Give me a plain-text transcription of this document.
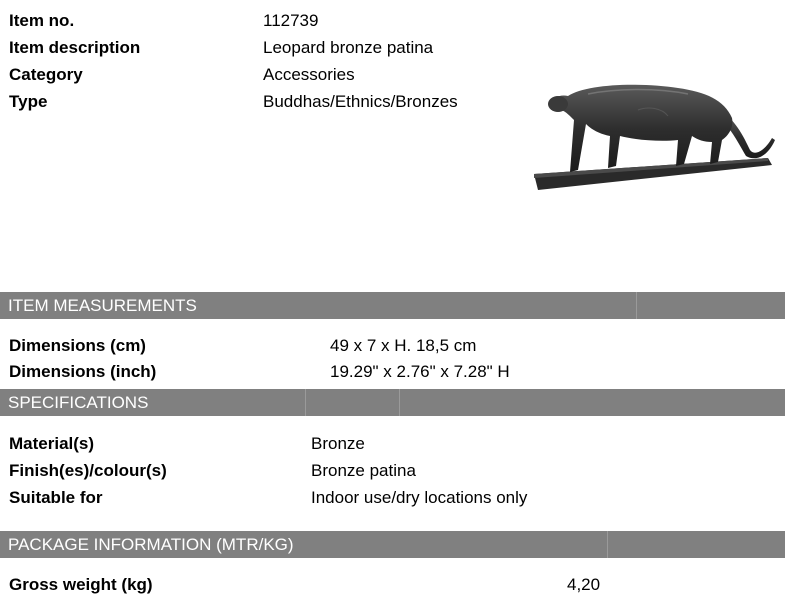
Item no.	112739
Item description	Leopard bronze patina
Category	Accessories
Type	Buddhas/Ethnics/Bronzes
ITEM MEASUREMENTS
Dimensions (cm)	49 x 7 x H. 18,5 cm
Dimensions (inch)	19.29" x 2.76" x 7.28" H
SPECIFICATIONS
Material(s)	Bronze
Finish(es)/colour(s)	Bronze patina
Suitable for	Indoor use/dry locations only
PACKAGE INFORMATION (MTR/KG)
Gross weight (kg)	4,20
